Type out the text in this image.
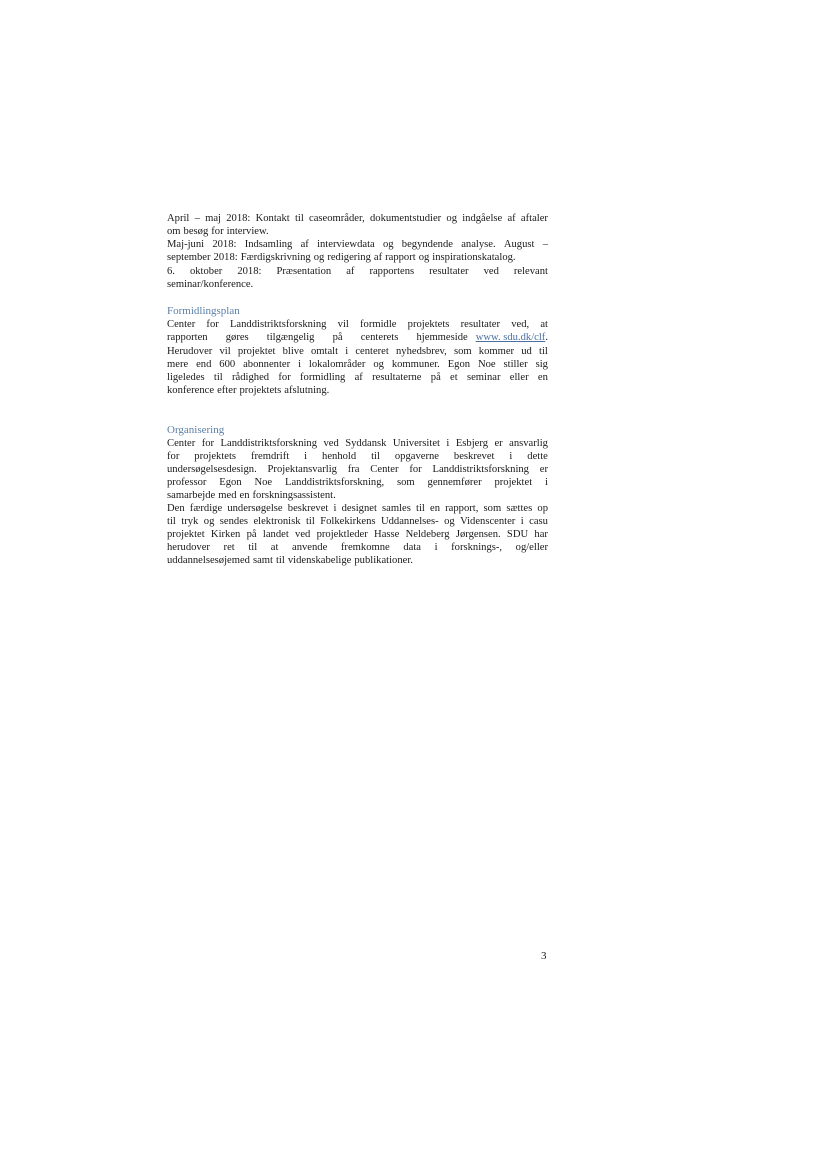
April – maj 2018: Kontakt til caseområder, dokumentstudier og indgåelse af aftaler
om besøg for interview.
Maj-juni 2018: Indsamling af interviewdata og begyndende analyse. August –
september 2018: Færdigskrivning og redigering af rapport og inspirationskatalog.
6. oktober 2018: Præsentation af rapportens resultater ved relevant
seminar/konference.
Formidlingsplan
Center for Landdistriktsforskning vil formidle projektets resultater ved, at
rapporten gøres tilgængelig på centerets hjemmeside www. sdu.dk/clf.
Herudover vil projektet blive omtalt i centeret nyhedsbrev, som kommer ud til
mere end 600 abonnenter i lokalområder og kommuner. Egon Noe stiller sig
ligeledes til rådighed for formidling af resultaterne på et seminar eller en
konference efter projektets afslutning.
Organisering
Center for Landdistriktsforskning ved Syddansk Universitet i Esbjerg er ansvarlig
for projektets fremdrift i henhold til opgaverne beskrevet i dette
undersøgelsesdesign. Projektansvarlig fra Center for Landdistriktsforskning er
professor Egon Noe Landdistriktsforskning, som gennemfører projektet i
samarbejde med en forskningsassistent.
Den færdige undersøgelse beskrevet i designet samles til en rapport, som sættes op
til tryk og sendes elektronisk til Folkekirkens Uddannelses- og Videnscenter i casu
projektet Kirken på landet ved projektleder Hasse Neldeberg Jørgensen. SDU har
herudover ret til at anvende fremkomne data i forsknings-, og/eller
uddannelsesøjemed samt til videnskabelige publikationer.
3
